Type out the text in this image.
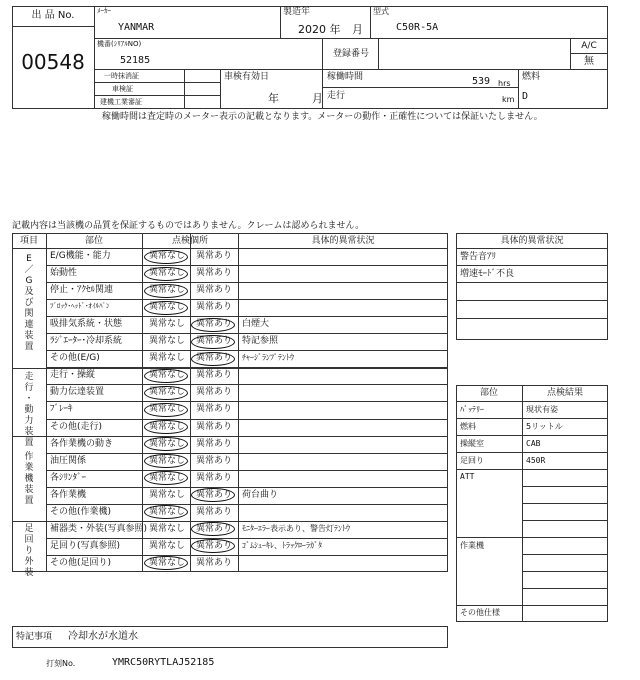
出 品 No.
00548
ﾒｰｶｰ
YANMAR
製造年
2020 年 月
型式
C50R-5A
機番(ｼﾘｱﾙNO)
52185
登録番号
A/C
無
一時抹消証
車検証
建機工業審証
車検有効日
年	月
稼働時間	539 hrs
走行	km
燃料
D
稼働時間は査定時のメーター表示の記載となります。メーターの動作・正確性については保証いたしません。
記載内容は当該機の品質を保証するものではありません。クレームは認められません。
項目	部位	点検個所	具体的異常状況
E
／
G
及
び
関
連
装
置
走
行
・
動
力
装
置
作
業
機
装
置
足
回
り
外
装
E/G機能・能力	異常なし 異常あり
始動性	異常なし 異常あり
停止・ｱｸｾﾙ関連	異常なし 異常あり
ﾌﾞﾛｯｸ･ﾍｯﾄﾞ･ｵｲﾙﾊﾟﾝ	異常なし 異常あり
吸排気系統・状態	異常なし 異常あり 白煙大
ﾗｼﾞｴｰﾀｰ･冷却系統	異常なし 異常あり 特記参照
その他(E/G)	異常なし 異常あり ﾁｬｰｼﾞﾗﾝﾌﾟﾃﾝﾄｳ
走行・操縦	異常なし 異常あり
動力伝達装置	異常なし 異常あり
ﾌﾞﾚｰｷ	異常なし 異常あり
その他(走行)	異常なし 異常あり
各作業機の動き	異常なし 異常あり
油圧関係	異常なし 異常あり
各ｼﾘﾝﾀﾞｰ	異常なし 異常あり
各作業機	異常なし 異常あり 荷台曲り
その他(作業機)	異常なし 異常あり
補器类・外装(写真参照) 異常なし 異常あり ﾓﾆﾀｰｴﾗｰ表示あり、警告灯ﾃﾝﾄｳ
足回り(写真参照)	異常なし 異常あり ｺﾞﾑｼｭｰｷﾚ、ﾄﾗｯｸﾛｰﾗｶﾞﾀ
その他(足回り)	異常なし 異常あり
具体的異常状況
警告音ｱﾘ
増速ﾓｰﾄﾞ不良
部位	点検結果
ﾊﾞｯﾃﾘｰ	現状有姿
燃料	5リットル
操縦室	CAB
足回り	450R
ATT
作業機
その他仕様
特記事項 冷却水が水道水
打刻No.	YMRC50RYTLAJ52185
